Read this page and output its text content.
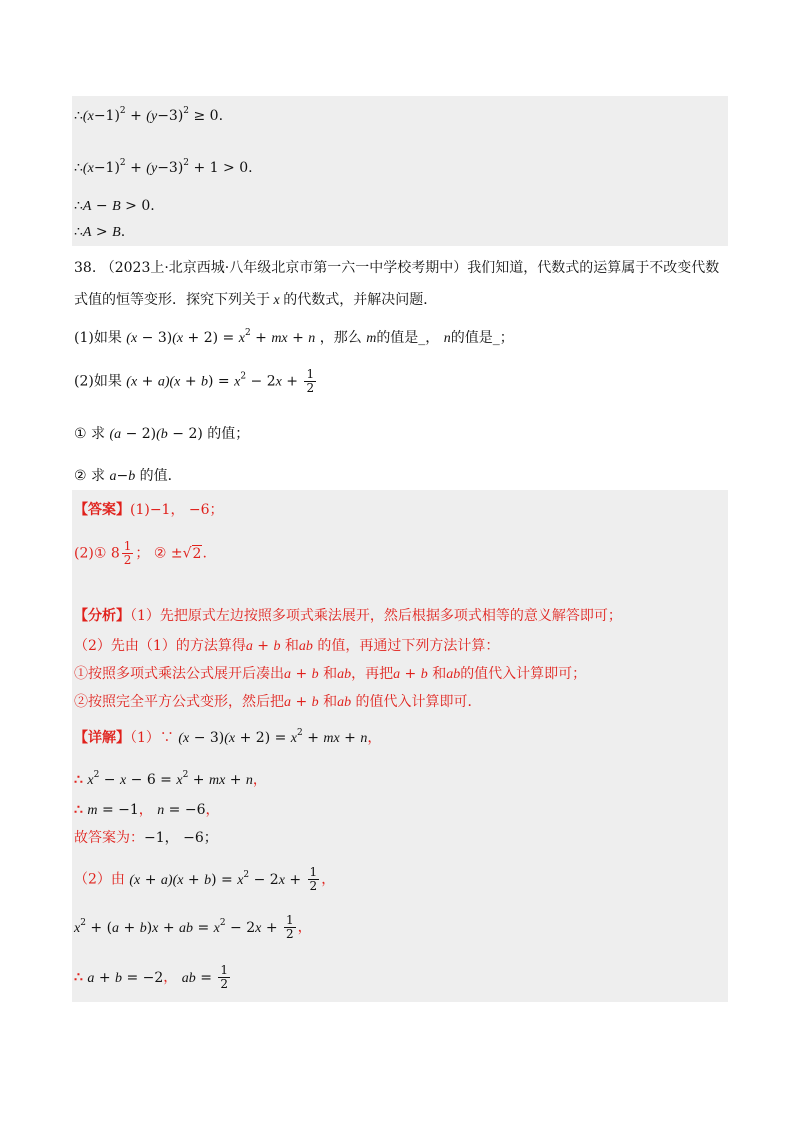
$\therefore(x-1)^2 + (y-3)^2 \ge 0$.
$\therefore(x-1)^2 + (y-3)^2 + 1 > 0$.
∴A − B > 0.
∴A > B.
38. （2023上·北京西城·八年级北京市第一六一中学校考期中）我们知道，代数式的运算属于不改变代数
式值的恒等变形．探究下列关于 x 的代数式，并解决问题．
(1)如果 $(x - 3)(x + 2) = x^2$ + mx + n ，那么 m的值是_， n的值是_；
(2)如果 $(x + a)(x + b) = x^2 - 2x + \frac{1}{2}$
① 求 (a − 2)(b − 2) 的值；
② 求 a−b 的值．
【答案】(1)−1， −6；
(2)① $8 \frac{1}{2}$ ； ② ±√2.
【分析】（1）先把原式左边按照多项式乘法展开，然后根据多项式相等的意义解答即可；
（2）先由（1）的方法算得a + b 和ab 的值，再通过下列方法计算：
①按照多项式乘法公式展开后凑出a + b 和ab，再把a + b 和ab的值代入计算即可；
②按照完全平方公式变形，然后把a + b 和ab 的值代入计算即可．
【详解】（1）∵ $(x - 3)(x + 2) = x^2$ + mx + n，
∴ $x^2 - x - 6 = x^2$ + mx + n，
∴ m = −1， n = −6，
故答案为：−1， −6；
（2）由 $(x + a)(x + b) = x^2 - 2x + \frac{1}{2}$ ，
$x^2 + (a + b)x$ + ab = $x^2 - 2x + \frac{1}{2}$ ，
∴ a + b = −2， ab = $\frac{1}{2}$
